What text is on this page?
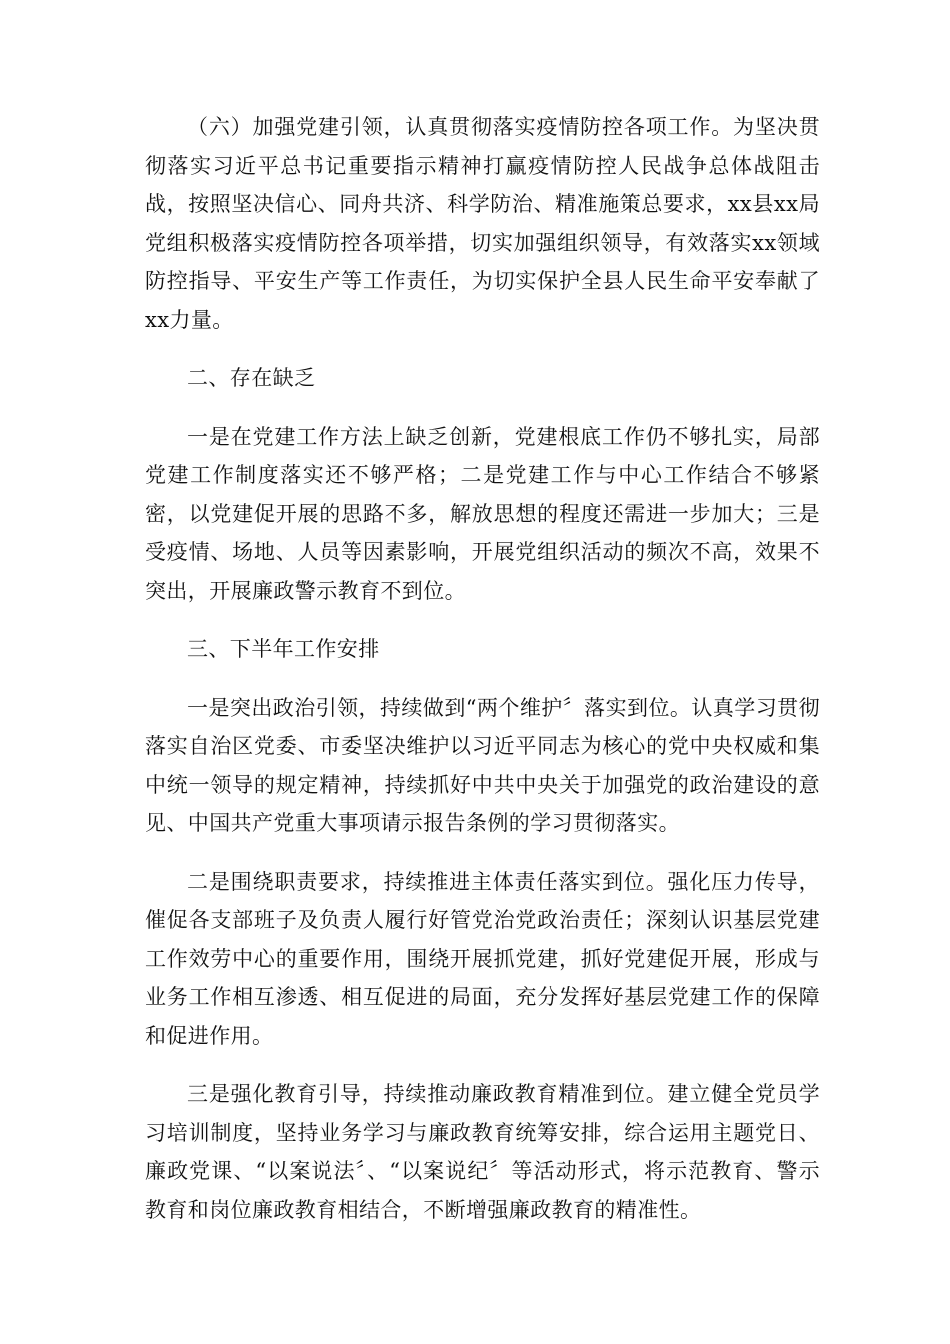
（六）加强党建引领，认真贯彻落实疫情防控各项工作。为坚决贯彻落实习近平总书记重要指示精神打赢疫情防控人民战争总体战阻击战，按照坚决信心、同舟共济、科学防治、精准施策总要求，xx县xx局党组积极落实疫情防控各项举措，切实加强组织领导，有效落实xx领域防控指导、平安生产等工作责任，为切实保护全县人民生命平安奉献了xx力量。

二、存在缺乏

一是在党建工作方法上缺乏创新，党建根底工作仍不够扎实，局部党建工作制度落实还不够严格；二是党建工作与中心工作结合不够紧密，以党建促开展的思路不多，解放思想的程度还需进一步加大；三是受疫情、场地、人员等因素影响，开展党组织活动的频次不高，效果不突出，开展廉政警示教育不到位。

三、下半年工作安排

一是突出政治引领，持续做到“两个维护〞落实到位。认真学习贯彻落实自治区党委、市委坚决维护以习近平同志为核心的党中央权威和集中统一领导的规定精神，持续抓好中共中央关于加强党的政治建设的意见、中国共产党重大事项请示报告条例的学习贯彻落实。

二是围绕职责要求，持续推进主体责任落实到位。强化压力传导，催促各支部班子及负责人履行好管党治党政治责任；深刻认识基层党建工作效劳中心的重要作用，围绕开展抓党建，抓好党建促开展，形成与业务工作相互渗透、相互促进的局面，充分发挥好基层党建工作的保障和促进作用。

三是强化教育引导，持续推动廉政教育精准到位。建立健全党员学习培训制度，坚持业务学习与廉政教育统筹安排，综合运用主题党日、廉政党课、“以案说法〞、“以案说纪〞等活动形式，将示范教育、警示教育和岗位廉政教育相结合，不断增强廉政教育的精准性。
